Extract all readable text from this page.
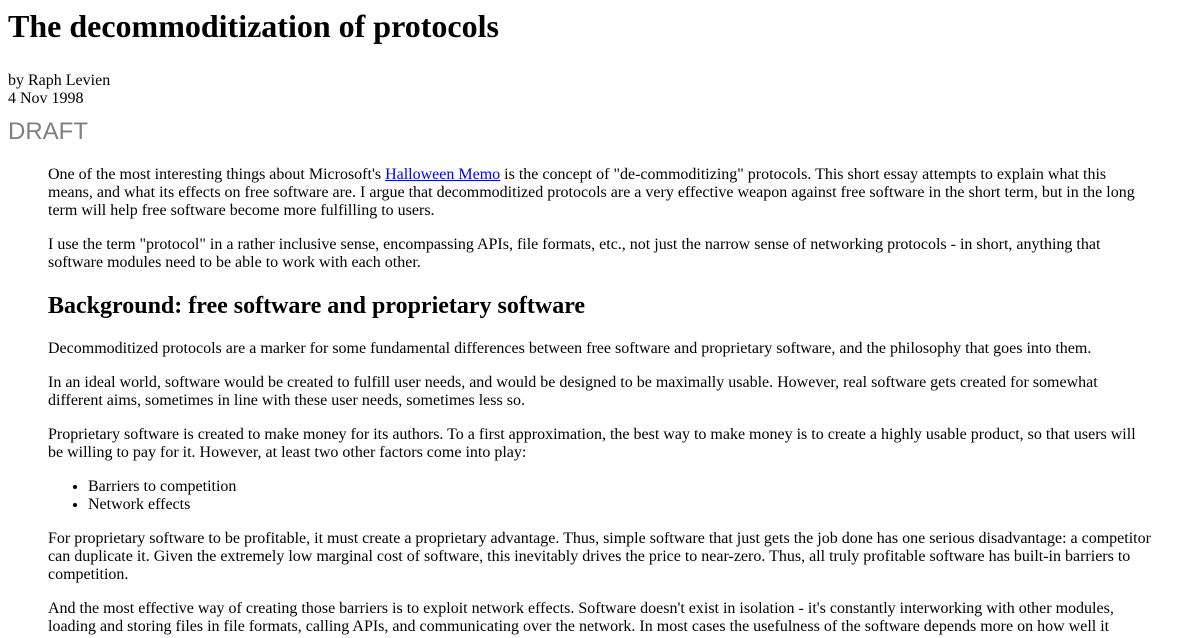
The decommoditization of protocols
by Raph Levien
4 Nov 1998
DRAFT

One of the most interesting things about Microsoft's Halloween Memo is the concept of "de-commoditizing" protocols. This short essay attempts to explain what this means, and what its effects on free software are. I argue that decommoditized protocols are a very effective weapon against free software in the short term, but in the long term will help free software become more fulfilling to users.

I use the term "protocol" in a rather inclusive sense, encompassing APIs, file formats, etc., not just the narrow sense of networking protocols - in short, anything that software modules need to be able to work with each other.

Background: free software and proprietary software

Decommoditized protocols are a marker for some fundamental differences between free software and proprietary software, and the philosophy that goes into them.

In an ideal world, software would be created to fulfill user needs, and would be designed to be maximally usable. However, real software gets created for somewhat different aims, sometimes in line with these user needs, sometimes less so.

Proprietary software is created to make money for its authors. To a first approximation, the best way to make money is to create a highly usable product, so that users will be willing to pay for it. However, at least two other factors come into play:

• Barriers to competition
• Network effects

For proprietary software to be profitable, it must create a proprietary advantage. Thus, simple software that just gets the job done has one serious disadvantage: a competitor can duplicate it. Given the extremely low marginal cost of software, this inevitably drives the price to near-zero. Thus, all truly profitable software has built-in barriers to competition.

And the most effective way of creating those barriers is to exploit network effects. Software doesn't exist in isolation - it's constantly interworking with other modules, loading and storing files in file formats, calling APIs, and communicating over the network. In most cases the usefulness of the software depends more on how well it
